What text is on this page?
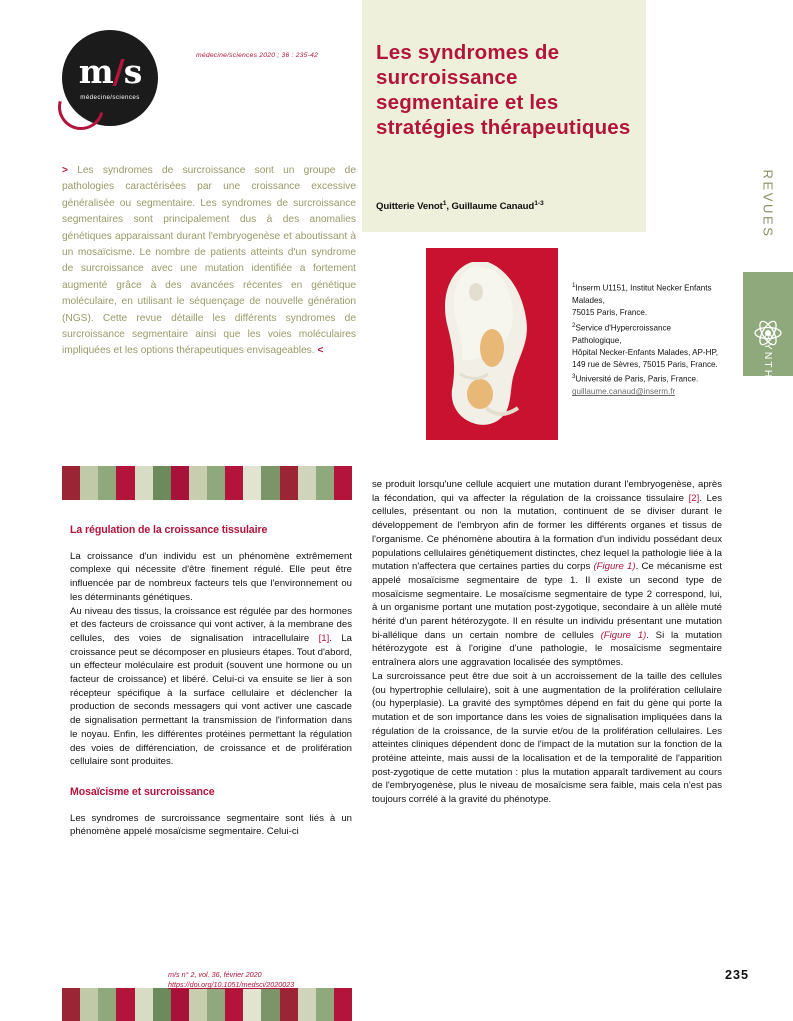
m/s
médecine/sciences
médecine/sciences 2020 ; 36 : 235-42	Les syndromes de surcroissance segmentaire et les stratégies thérapeutiques
Quitterie Venot$^1$, Guillaume Canaud$^{1-3}$
> Les syndromes de surcroissance sont un groupe de pathologies caractérisées par une croissance excessive généralisée ou segmentaire. Les syndromes de surcroissance segmentaires sont principalement dus à des anomalies génétiques apparaissant durant l'embryogenèse et aboutissant à un mosaïcisme. Le nombre de patients atteints d'un syndrome de surcroissance avec une mutation identifiée a fortement augmenté grâce à des avancées récentes en génétique moléculaire, en utilisant le séquençage de nouvelle génération (NGS). Cette revue détaille les différents syndromes de surcroissance segmentaire ainsi que les voies moléculaires impliquées et les options thérapeutiques envisageables. <
$^1$Inserm U1151, Institut Necker Enfants Malades,
75015 Paris, France.
$^2$Service d'Hypercroissance Pathologique,
Hôpital Necker-Enfants Malades, AP-HP, 149 rue de Sèvres, 75015 Paris, France.
$^3$Université de Paris, Paris, France.
guillaume.canaud@inserm.fr
REVUES
SYNTHÈSE
La régulation de la croissance tissulaire

La croissance d'un individu est un phénomène extrêmement complexe qui nécessite d'être finement régulé. Elle peut être influencée par de nombreux facteurs tels que l'environnement ou les déterminants génétiques.

Au niveau des tissus, la croissance est régulée par des hormones et des facteurs de croissance qui vont activer, à la membrane des cellules, des voies de signalisation intracellulaire [1]. La croissance peut se décomposer en plusieurs étapes. Tout d'abord, un effecteur moléculaire est produit (souvent une hormone ou un facteur de croissance) et libéré. Celui-ci va ensuite se lier à son récepteur spécifique à la surface cellulaire et déclencher la production de seconds messagers qui vont activer une cascade de signalisation permettant la transmission de l'information dans le noyau. Enfin, les différentes protéines permettant la régulation des voies de différenciation, de croissance et de prolifération cellulaire sont produites.

Mosaïcisme et surcroissance

Les syndromes de surcroissance segmentaire sont liés à un phénomène appelé mosaïcisme segmentaire. Celui-ci

se produit lorsqu'une cellule acquiert une mutation durant l'embryogenèse, après la fécondation, qui va affecter la régulation de la croissance tissulaire [2]. Les cellules, présentant ou non la mutation, continuent de se diviser durant le développement de l'embryon afin de former les différents organes et tissus de l'organisme. Ce phénomène aboutira à la formation d'un individu possédant deux populations cellulaires génétiquement distinctes, chez lequel la pathologie liée à la mutation n'affectera que certaines parties du corps (Figure 1). Ce mécanisme est appelé mosaïcisme segmentaire de type 1. Il existe un second type de mosaïcisme segmentaire. Le mosaïcisme segmentaire de type 2 correspond, lui, à un organisme portant une mutation post-zygotique, secondaire à un allèle muté hérité d'un parent hétérozygote. Il en résulte un individu présentant une mutation bi-allélique dans un certain nombre de cellules (Figure 1). Si la mutation hétérozygote est à l'origine d'une pathologie, le mosaïcisme segmentaire entraînera alors une aggravation localisée des symptômes.

La surcroissance peut être due soit à un accroissement de la taille des cellules (ou hypertrophie cellulaire), soit à une augmentation de la prolifération cellulaire (ou hyperplasie). La gravité des symptômes dépend en fait du gène qui porte la mutation et de son importance dans les voies de signalisation impliquées dans la régulation de la croissance, de la survie et/ou de la prolifération cellulaires. Les atteintes cliniques dépendent donc de l'impact de la mutation sur la fonction de la protéine atteinte, mais aussi de la localisation et de la temporalité de l'apparition post-zygotique de cette mutation : plus la mutation apparaît tardivement au cours de l'embryogenèse, plus le niveau de mosaïcisme sera faible, mais cela n'est pas toujours corrélé à la gravité du phénotype.

m/s n° 2, vol. 36, février 2020
https://doi.org/10.1051/medsci/2020023
235
